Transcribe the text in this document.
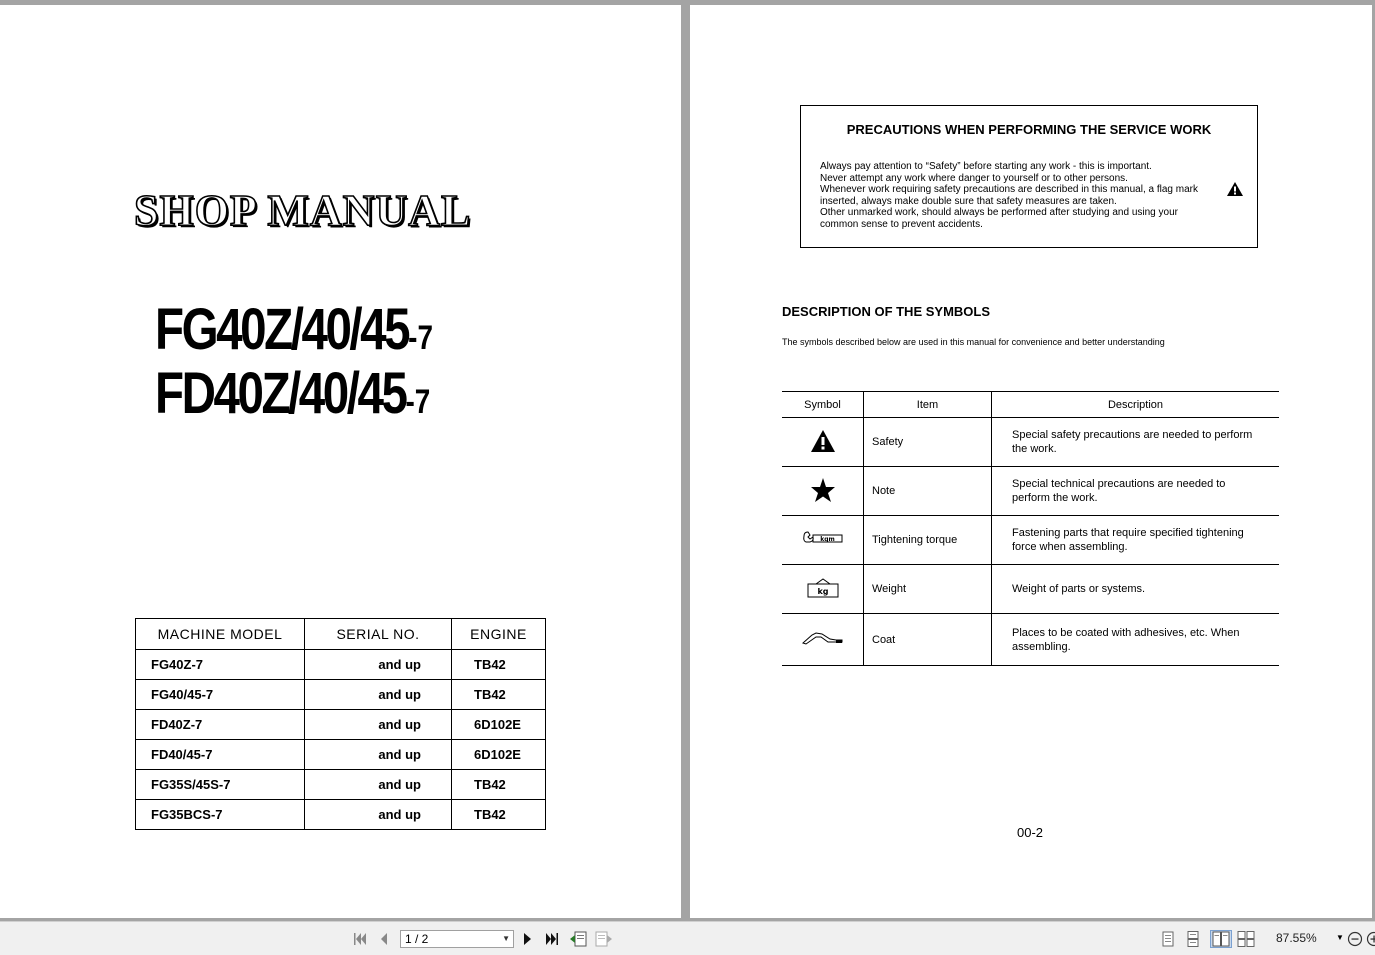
SHOP MANUAL
FG40Z/40/45-7
FD40Z/40/45-7
MACHINE MODEL	SERIAL NO.	ENGINE
FG40Z-7	and up	TB42
FG40/45-7	and up	TB42
FD40Z-7	and up	6D102E
FD40/45-7	and up	6D102E
FG35S/45S-7	and up	TB42
FG35BCS-7	and up	TB42
PRECAUTIONS WHEN PERFORMING THE SERVICE WORK
Always pay attention to “Safety” before starting any work - this is important.
Never attempt any work where danger to yourself or to other persons.
Whenever work requiring safety precautions are described in this manual, a flag mark
inserted, always make double sure that safety measures are taken.
Other unmarked work, should always be performed after studying and using your
common sense to prevent accidents.
DESCRIPTION OF THE SYMBOLS
The symbols described below are used in this manual for convenience and better understanding
Symbol	Item	Description
	Safety	Special safety precautions are needed to perform the work.
	Note	Special technical precautions are needed to perform the work.

kgm	Tightening torque	Fastening parts that require specified tightening force when assembling.

kg	Weight	Weight of parts or systems.
	Coat	Places to be coated with adhesives, etc. When assembling.
00-2
1 / 2	▼	87.55% ▼
